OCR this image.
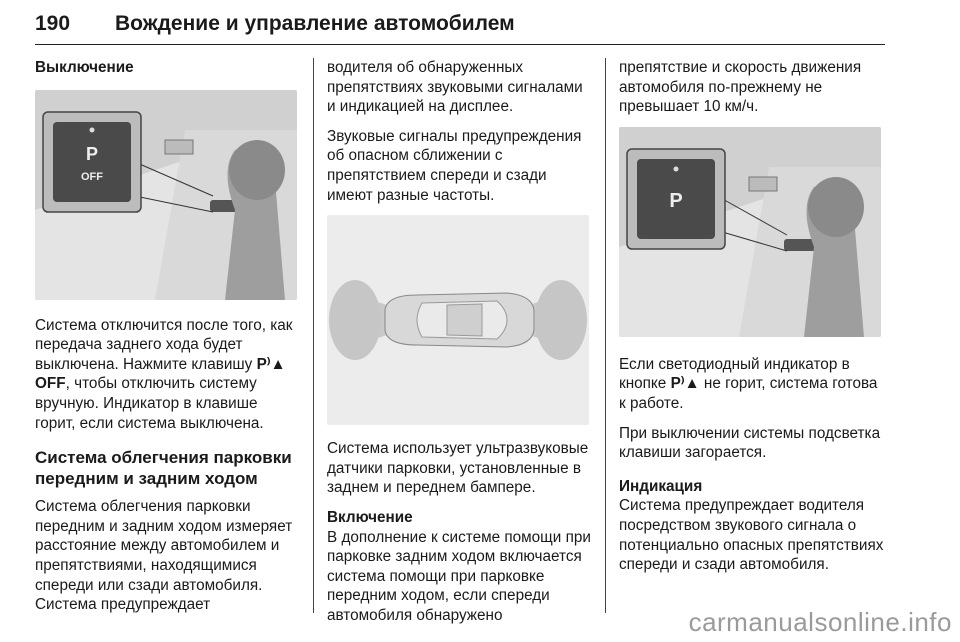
190 Вождение и управление автомобилем
Выключение
P
OFF

Система отключится после того, как передача заднего хода будет выключена. Нажмите клавишу P⁾▲
OFF, чтобы отключить систему вручную. Индикатор в клавише горит, если система выключена.

Система облегчения парковки передним и задним ходом

Система облегчения парковки передним и задним ходом измеряет расстояние между автомобилем и препятствиями, находящимися спереди или сзади автомобиля. Система предупреждает

водителя об обнаруженных препятствиях звуковыми сигналами и индикацией на дисплее.

Звуковые сигналы предупреждения об опасном сближении с препятствием спереди и сзади имеют разные частоты.

Система использует ультразвуковые датчики парковки, установленные в заднем и переднем бампере.

Включение

В дополнение к системе помощи при парковке задним ходом включается система помощи при парковке передним ходом, если спереди автомобиля обнаружено

препятствие и скорость движения автомобиля по-прежнему не превышает 10 км/ч.

P

Если светодиодный индикатор в кнопке P⁾▲ не горит, система готова к работе.

При выключении системы подсветка клавиши загорается.

Индикация

Система предупреждает водителя посредством звукового сигнала о потенциально опасных препятствиях спереди и сзади автомобиля.

carmanualsonline.info
